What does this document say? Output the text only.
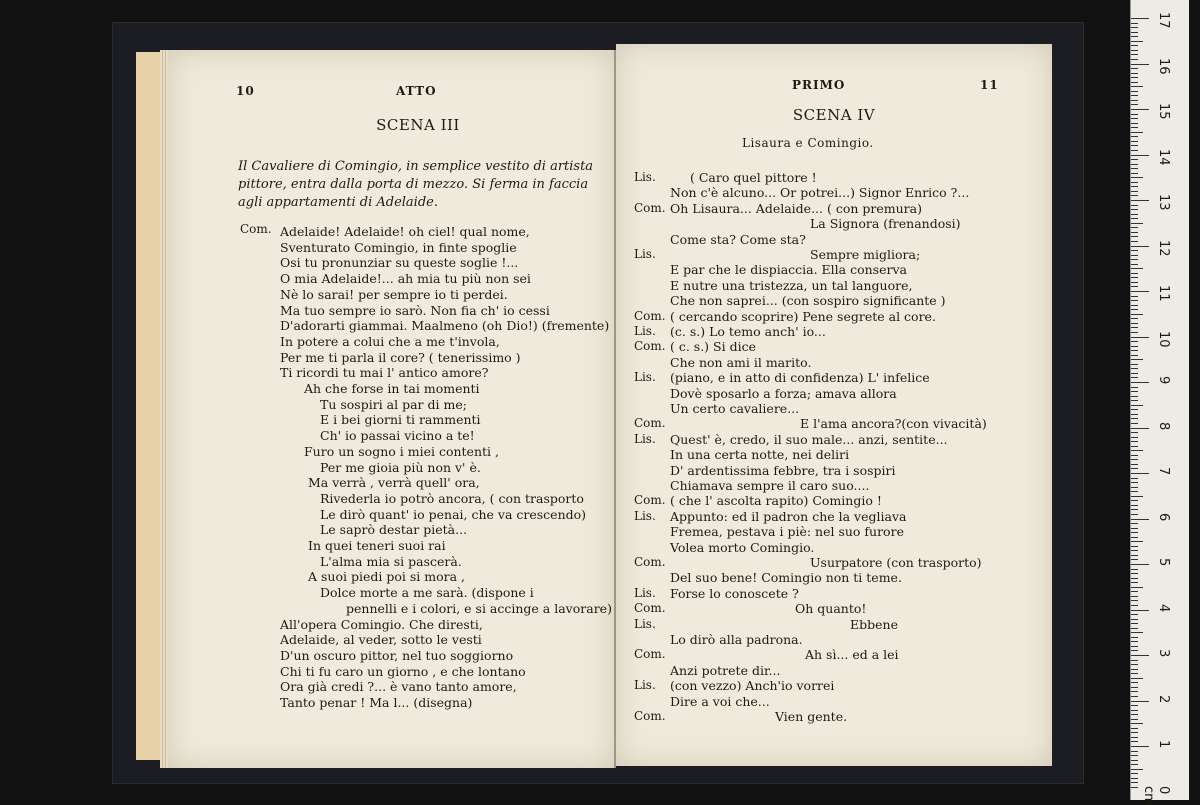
10	ATTO
SCENA III
Il Cavaliere di Comingio, in semplice vestito di artista pittore, entra dalla porta di mezzo. Si ferma in faccia agli appartamenti di Adelaide.
Com. Adelaide! Adelaide! oh ciel! qual nome,
Sventurato Comingio, in finte spoglie
Osi tu pronunziar su queste soglie !...
O mia Adelaide!... ah mia tu più non sei
Nè lo sarai! per sempre io ti perdei.
Ma tuo sempre io sarò. Non fia ch' io cessi
D'adorarti giammai. Maalmeno (oh Dio!) (fremente)
In potere a colui che a me t'invola,
Per me ti parla il core? ( tenerissimo )
Ti ricordi tu mai l' antico amore?
Ah che forse in tai momenti
Tu sospiri al par di me;
E i bei giorni ti rammenti
Ch' io passai vicino a te!
Furo un sogno i miei contenti ,
Per me gioia più non v' è.
Ma verrà , verrà quell' ora,
Rivederla io potrò ancora, ( con trasporto
Le dirò quant' io penai, che va crescendo)
Le saprò destar pietà...
In quei teneri suoi rai
L'alma mia si pascerà.
A suoi piedi poi si mora ,
Dolce morte a me sarà. (dispone i
pennelli e i colori, e si accinge a lavorare)
All'opera Comingio. Che diresti,
Adelaide, al veder, sotto le vesti
D'un oscuro pittor, nel tuo soggiorno
Chi ti fu caro un giorno , e che lontano
Ora già credi ?... è vano tanto amore,
Tanto penar ! Ma l... (disegna)
PRIMO	11
SCENA IV
Lisaura e Comingio.
Lis.	( Caro quel pittore !
Non c'è alcuno... Or potrei...) Signor Enrico ?...
Com. Oh Lisaura... Adelaide... ( con premura)
La Signora (frenandosi)
Come sta? Come sta?
Lis.	Sempre migliora;
E par che le dispiaccia. Ella conserva
E nutre una tristezza, un tal languore,
Che non saprei... (con sospiro significante )
Com. ( cercando scoprire) Pene segrete al core.
Lis. (c. s.) Lo temo anch' io...
Com. ( c. s.) Si dice
Che non ami il marito.
Lis. (piano, e in atto di confidenza) L' infelice
Dovè sposarlo a forza; amava allora
Un certo cavaliere...
Com.	E l'ama ancora?(con vivacità)
Lis. Quest' è, credo, il suo male... anzi, sentite...
In una certa notte, nei deliri
D' ardentissima febbre, tra i sospiri
Chiamava sempre il caro suo....
Com. ( che l' ascolta rapito) Comingio !
Lis. Appunto: ed il padron che la vegliava
Fremea, pestava i piè: nel suo furore
Volea morto Comingio.
Com.	Usurpatore (con trasporto)
Del suo bene! Comingio non ti teme.
Lis. Forse lo conoscete ?
Com.	Oh quanto!
Lis.	Ebbene
Lo dirò alla padrona.
Com.	Ah sì... ed a lei
Anzi potrete dir...
Lis. (con vezzo) Anch'io vorrei
Dire a voi che...
Com.	Vien gente.
17
16
15
14
13
12
11
10
9
8
7
6
5
4
3
2
1
0 cm
